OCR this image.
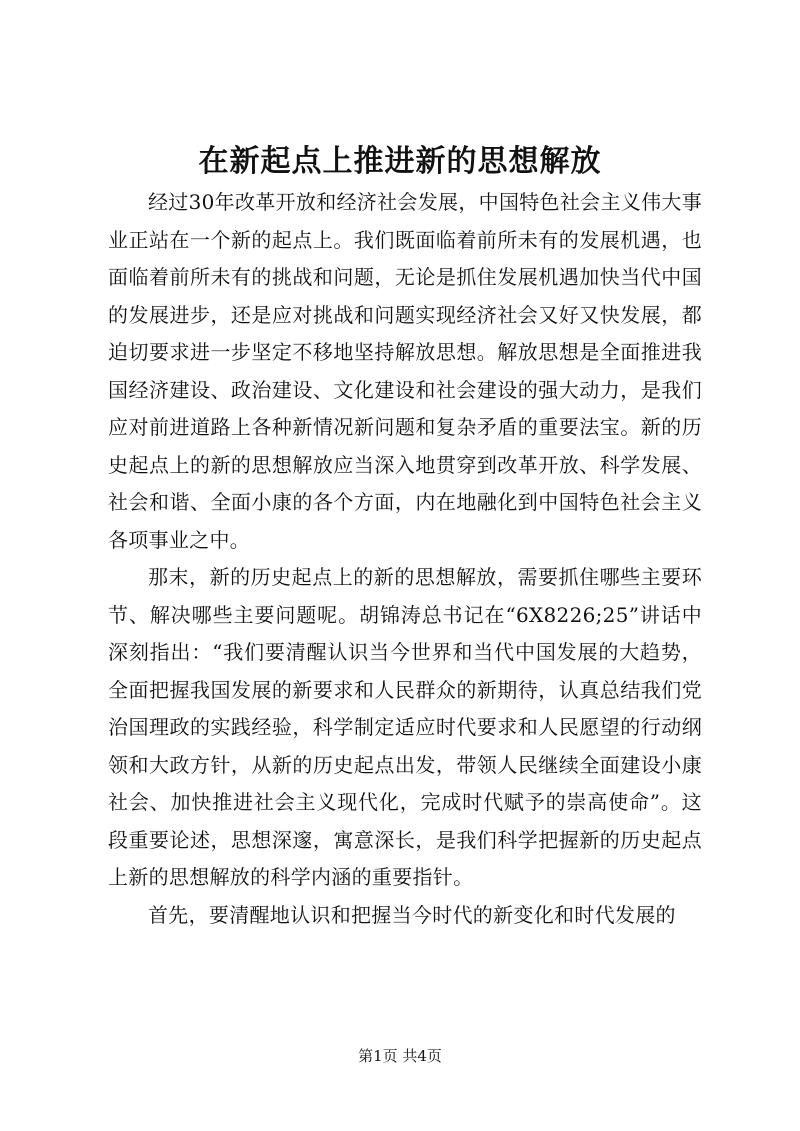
在新起点上推进新的思想解放

经过30年改革开放和经济社会发展，中国特色社会主义伟大事业正站在一个新的起点上。我们既面临着前所未有的发展机遇，也面临着前所未有的挑战和问题，无论是抓住发展机遇加快当代中国的发展进步，还是应对挑战和问题实现经济社会又好又快发展，都迫切要求进一步坚定不移地坚持解放思想。解放思想是全面推进我国经济建设、政治建设、文化建设和社会建设的强大动力，是我们应对前进道路上各种新情况新问题和复杂矛盾的重要法宝。新的历史起点上的新的思想解放应当深入地贯穿到改革开放、科学发展、社会和谐、全面小康的各个方面，内在地融化到中国特色社会主义各项事业之中。

那末，新的历史起点上的新的思想解放，需要抓住哪些主要环节、解决哪些主要问题呢。胡锦涛总书记在“6X8226;25”讲话中深刻指出：“我们要清醒认识当今世界和当代中国发展的大趋势，全面把握我国发展的新要求和人民群众的新期待，认真总结我们党治国理政的实践经验，科学制定适应时代要求和人民愿望的行动纲领和大政方针，从新的历史起点出发，带领人民继续全面建设小康社会、加快推进社会主义现代化，完成时代赋予的崇高使命”。这段重要论述，思想深邃，寓意深长，是我们科学把握新的历史起点上新的思想解放的科学内涵的重要指针。

首先，要清醒地认识和把握当今时代的新变化和时代发展的

第1页 共4页
